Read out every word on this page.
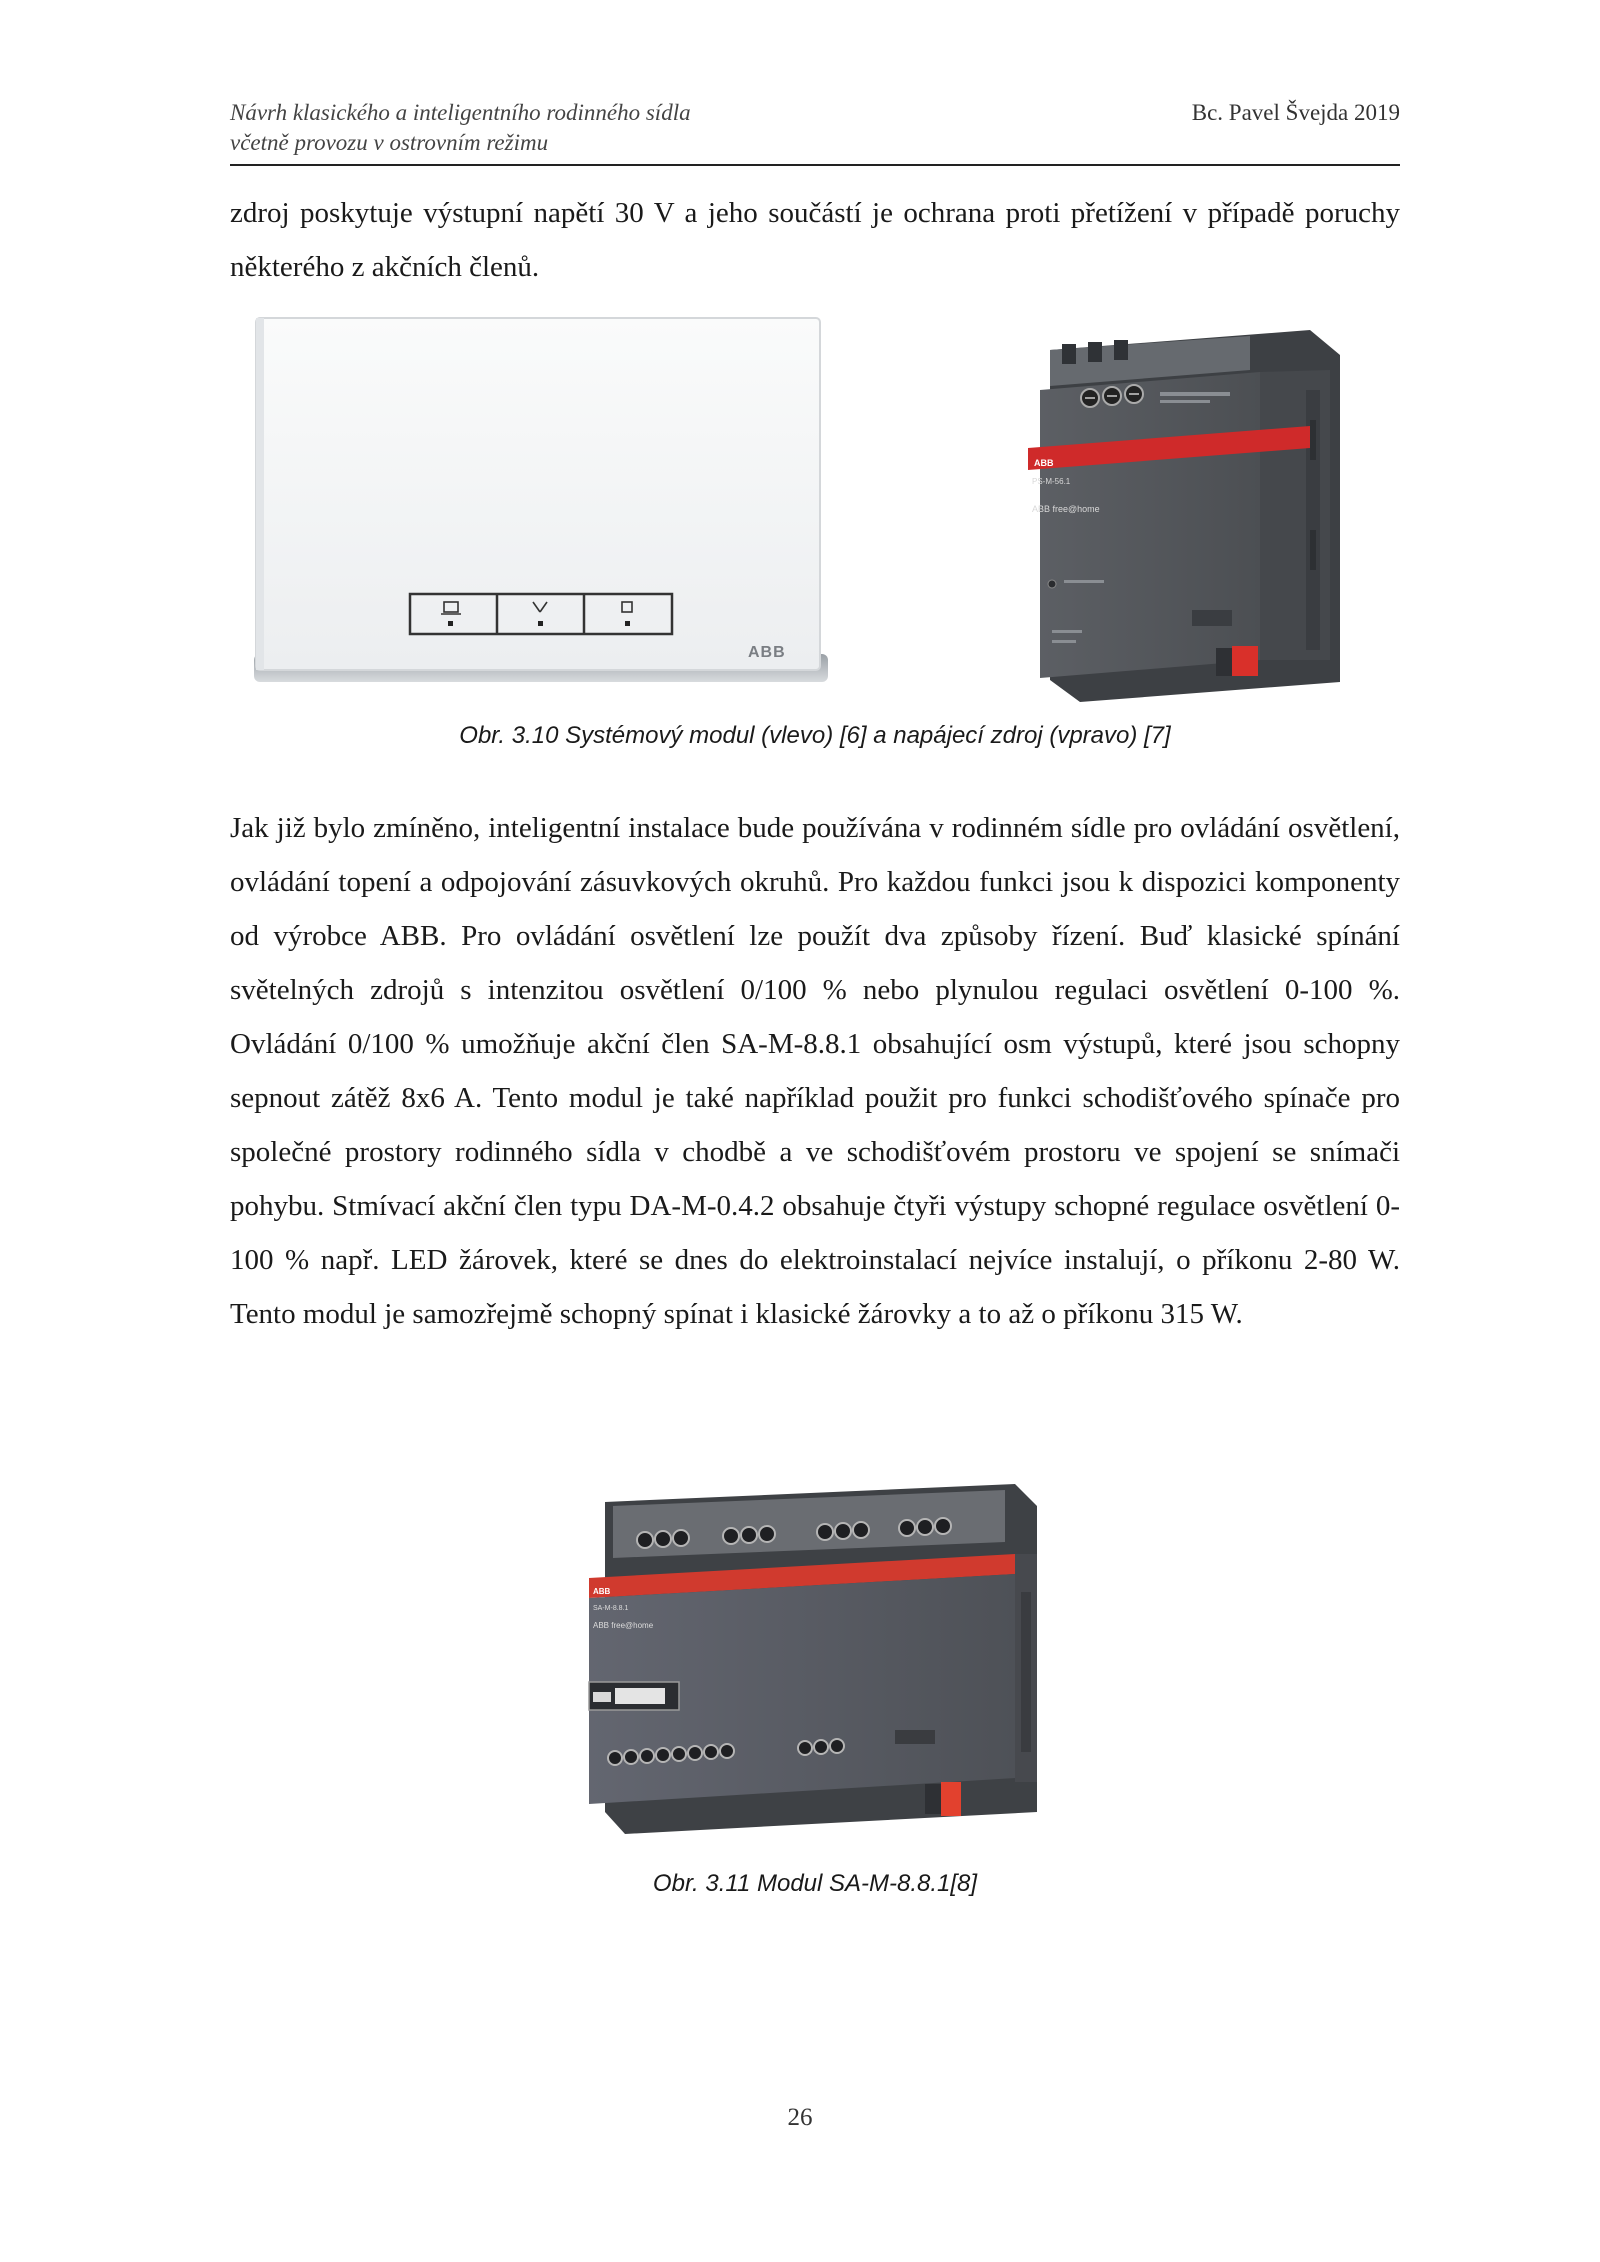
Návrh klasického a inteligentního rodinného sídla
včetně provozu v ostrovním režimu
Bc. Pavel Švejda 2019

zdroj poskytuje výstupní napětí 30 V a jeho součástí je ochrana proti přetížení v případě poruchy některého z akčních členů.

ABB
ABB
PS-M-56.1
ABB free@home
Obr. 3.10 Systémový modul (vlevo) [6] a napájecí zdroj (vpravo) [7]

Jak již bylo zmíněno, inteligentní instalace bude používána v rodinném sídle pro ovládání osvětlení, ovládání topení a odpojování zásuvkových okruhů. Pro každou funkci jsou k dispozici komponenty od výrobce ABB. Pro ovládání osvětlení lze použít dva způsoby řízení. Buď klasické spínání světelných zdrojů s intenzitou osvětlení 0/100 % nebo plynulou regulaci osvětlení 0-100 %. Ovládání 0/100 % umožňuje akční člen SA-M-8.8.1 obsahující osm výstupů, které jsou schopny sepnout zátěž 8x6 A. Tento modul je také například použit pro funkci schodišťového spínače pro společné prostory rodinného sídla v chodbě a ve schodišťovém prostoru ve spojení se snímači pohybu. Stmívací akční člen typu DA-M-0.4.2 obsahuje čtyři výstupy schopné regulace osvětlení 0-100 % např. LED žárovek, které se dnes do elektroinstalací nejvíce instalují, o příkonu 2-80 W. Tento modul je samozřejmě schopný spínat i klasické žárovky a to až o příkonu 315 W.

ABB
SA-M-8.8.1
ABB free@home
Obr. 3.11 Modul SA-M-8.8.1[8]
26
